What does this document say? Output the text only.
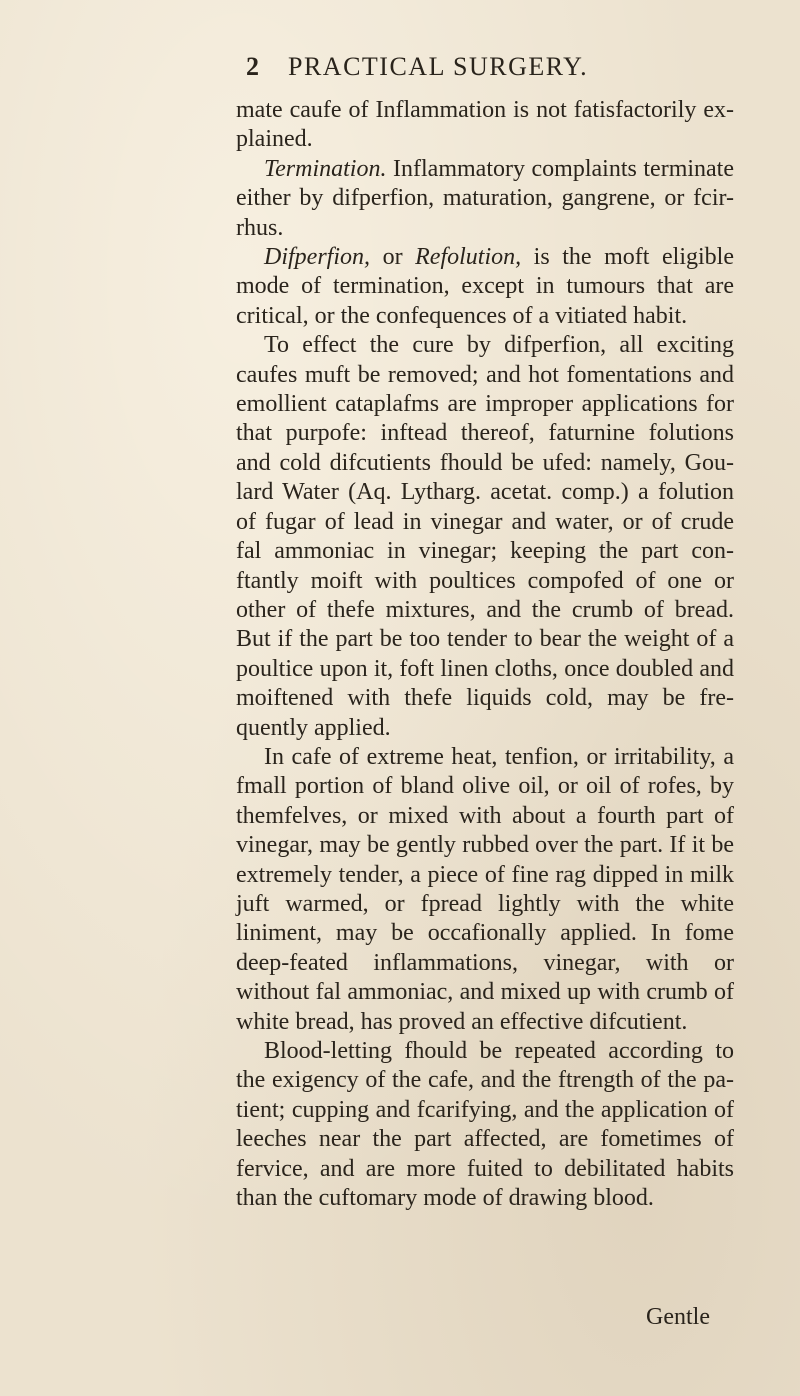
2 PRACTICAL SURGERY.

mate caufe of Inflammation is not fatisfactorily ex-plained.

Termination. Inflammatory complaints terminate either by difperfion, maturation, gangrene, or fcir-rhus.

Difperfion, or Refolution, is the moft eligible mode of termination, except in tumours that are critical, or the confequences of a vitiated habit.

To effect the cure by difperfion, all exciting caufes muft be removed; and hot fomentations and emollient cataplafms are improper applications for that purpofe: inftead thereof, faturnine folutions and cold difcutients fhould be ufed: namely, Gou-lard Water (Aq. Lytharg. acetat. comp.) a folution of fugar of lead in vinegar and water, or of crude fal ammoniac in vinegar; keeping the part con-ftantly moift with poultices compofed of one or other of thefe mixtures, and the crumb of bread. But if the part be too tender to bear the weight of a poultice upon it, foft linen cloths, once doubled and moiftened with thefe liquids cold, may be fre-quently applied.

In cafe of extreme heat, tenfion, or irritability, a fmall portion of bland olive oil, or oil of rofes, by themfelves, or mixed with about a fourth part of vinegar, may be gently rubbed over the part. If it be extremely tender, a piece of fine rag dipped in milk juft warmed, or fpread lightly with the white liniment, may be occafionally applied. In fome deep-feated inflammations, vinegar, with or without fal ammoniac, and mixed up with crumb of white bread, has proved an effective difcutient.

Blood-letting fhould be repeated according to the exigency of the cafe, and the ftrength of the pa-tient; cupping and fcarifying, and the application of leeches near the part affected, are fometimes of fervice, and are more fuited to debilitated habits than the cuftomary mode of drawing blood.

Gentle
